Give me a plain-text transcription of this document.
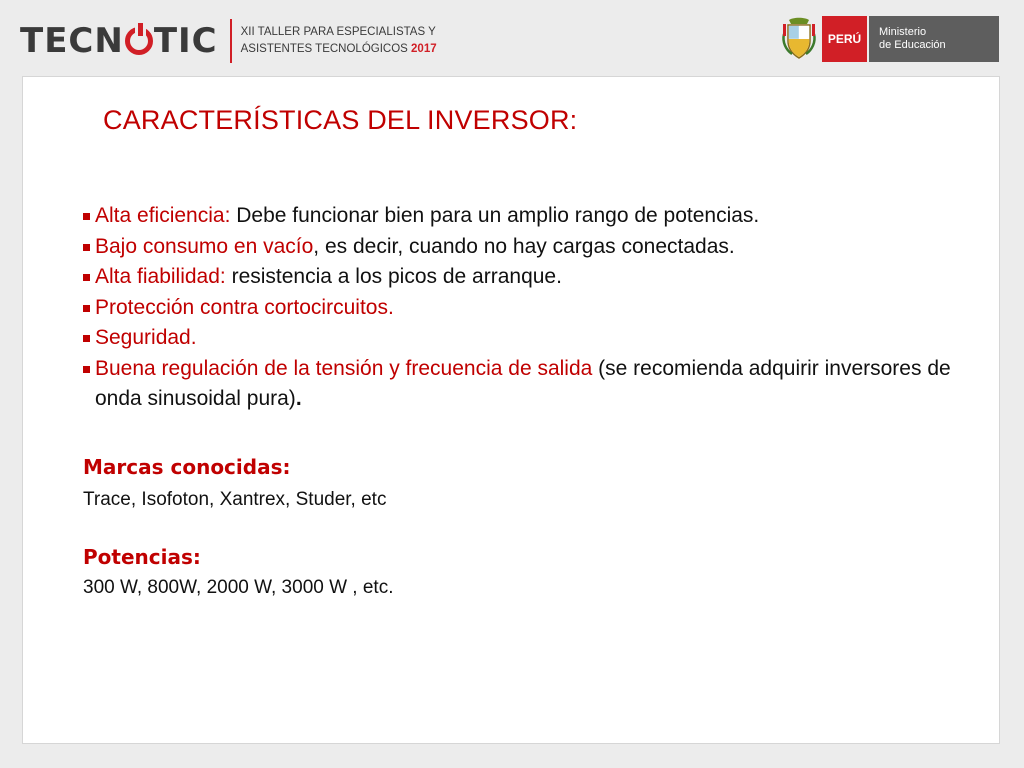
TECN TIC XII TALLER PARA ESPECIALISTAS Y
ASISTENTES TECNOLÓGICOS 2017
PERÚ	Ministerio
de Educación
CARACTERÍSTICAS DEL INVERSOR:
Alta eficiencia: Debe funcionar bien para un amplio rango de potencias.
Bajo consumo en vacío, es decir, cuando no hay cargas conectadas.
Alta fiabilidad: resistencia a los picos de arranque.
Protección contra cortocircuitos.
Seguridad.
Buena regulación de la tensión y frecuencia de salida (se recomienda adquirir inversores de onda sinusoidal pura).
Marcas conocidas:
Trace, Isofoton, Xantrex, Studer, etc
Potencias:
300 W, 800W, 2000 W, 3000 W , etc.
